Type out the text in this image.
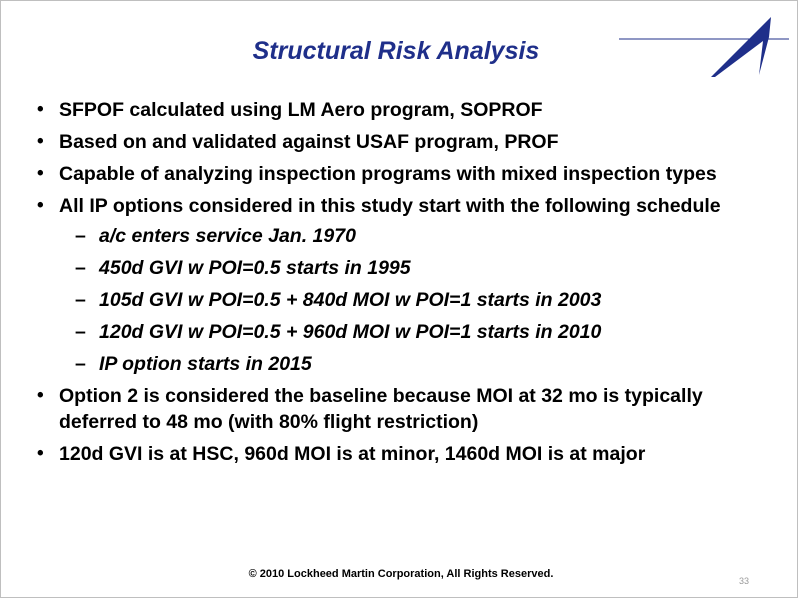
Structural Risk Analysis
• SFPOF calculated using LM Aero program, SOPROF
• Based on and validated against USAF program, PROF
• Capable of analyzing inspection programs with mixed inspection types
• All IP options considered in this study start with the following schedule
– a/c enters service Jan. 1970
– 450d GVI w POI=0.5 starts in 1995
– 105d GVI w POI=0.5 + 840d MOI w POI=1 starts in 2003
– 120d GVI w POI=0.5 + 960d MOI w POI=1 starts in 2010
– IP option starts in 2015
• Option 2 is considered the baseline because MOI at 32 mo is typically deferred to 48 mo (with 80% flight restriction)
• 120d GVI is at HSC, 960d MOI is at minor, 1460d MOI is at major
© 2010 Lockheed Martin Corporation, All Rights Reserved.
33
